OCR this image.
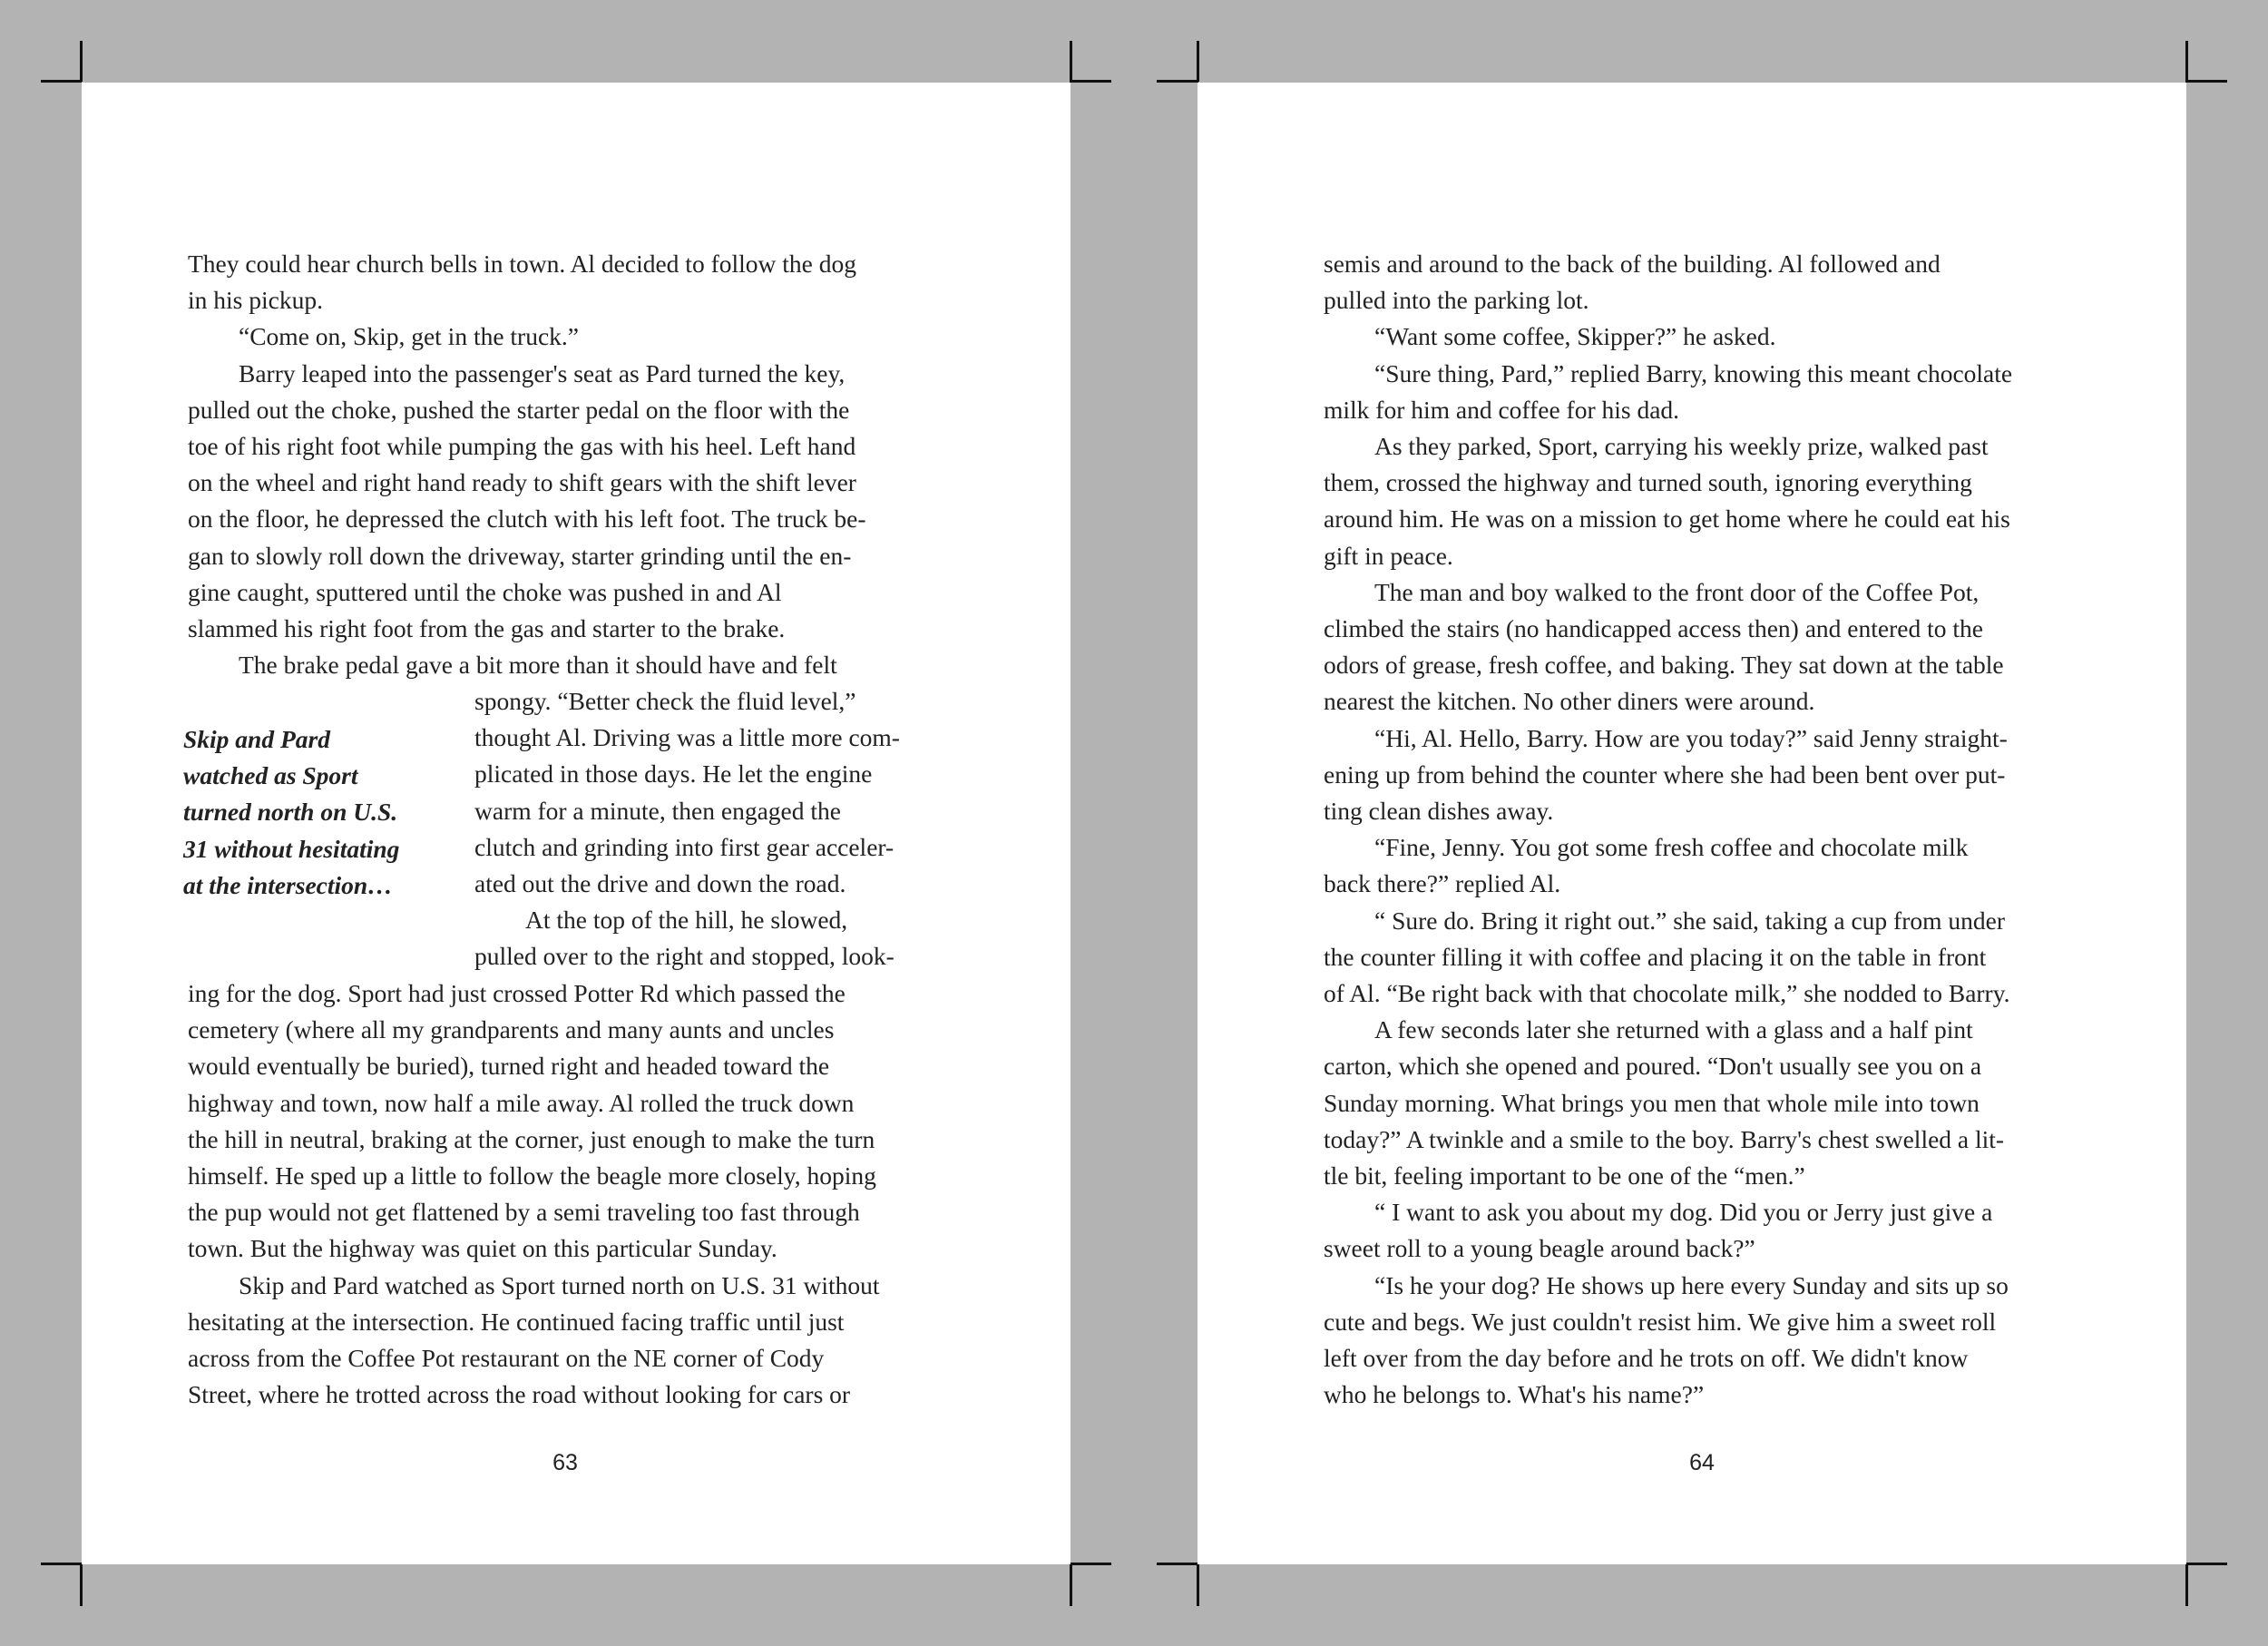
They could hear church bells in town. Al decided to follow the dog
in his pickup.
“Come on, Skip, get in the truck.”
Barry leaped into the passenger's seat as Pard turned the key,
pulled out the choke, pushed the starter pedal on the floor with the
toe of his right foot while pumping the gas with his heel. Left hand
on the wheel and right hand ready to shift gears with the shift lever
on the floor, he depressed the clutch with his left foot. The truck be-
gan to slowly roll down the driveway, starter grinding until the en-
gine caught, sputtered until the choke was pushed in and Al
slammed his right foot from the gas and starter to the brake.
The brake pedal gave a bit more than it should have and felt
spongy. “Better check the fluid level,”
thought Al. Driving was a little more com-
plicated in those days. He let the engine
warm for a minute, then engaged the
clutch and grinding into first gear acceler-
ated out the drive and down the road.
At the top of the hill, he slowed,
pulled over to the right and stopped, look-
Skip and Pard
watched as Sport
turned north on U.S.
31 without hesitating
at the intersection…
ing for the dog. Sport had just crossed Potter Rd which passed the
cemetery (where all my grandparents and many aunts and uncles
would eventually be buried), turned right and headed toward the
highway and town, now half a mile away. Al rolled the truck down
the hill in neutral, braking at the corner, just enough to make the turn
himself. He sped up a little to follow the beagle more closely, hoping
the pup would not get flattened by a semi traveling too fast through
town. But the highway was quiet on this particular Sunday.
Skip and Pard watched as Sport turned north on U.S. 31 without
hesitating at the intersection. He continued facing traffic until just
across from the Coffee Pot restaurant on the NE corner of Cody
Street, where he trotted across the road without looking for cars or
63
semis and around to the back of the building. Al followed and
pulled into the parking lot.
“Want some coffee, Skipper?” he asked.
“Sure thing, Pard,” replied Barry, knowing this meant chocolate
milk for him and coffee for his dad.
As they parked, Sport, carrying his weekly prize, walked past
them, crossed the highway and turned south, ignoring everything
around him. He was on a mission to get home where he could eat his
gift in peace.
The man and boy walked to the front door of the Coffee Pot,
climbed the stairs (no handicapped access then) and entered to the
odors of grease, fresh coffee, and baking. They sat down at the table
nearest the kitchen. No other diners were around.
“Hi, Al. Hello, Barry. How are you today?” said Jenny straight-
ening up from behind the counter where she had been bent over put-
ting clean dishes away.
“Fine, Jenny. You got some fresh coffee and chocolate milk
back there?” replied Al.
“ Sure do. Bring it right out.” she said, taking a cup from under
the counter filling it with coffee and placing it on the table in front
of Al. “Be right back with that chocolate milk,” she nodded to Barry.
A few seconds later she returned with a glass and a half pint
carton, which she opened and poured. “Don't usually see you on a
Sunday morning. What brings you men that whole mile into town
today?” A twinkle and a smile to the boy. Barry's chest swelled a lit-
tle bit, feeling important to be one of the “men.”
“ I want to ask you about my dog. Did you or Jerry just give a
sweet roll to a young beagle around back?”
“Is he your dog? He shows up here every Sunday and sits up so
cute and begs. We just couldn't resist him. We give him a sweet roll
left over from the day before and he trots on off. We didn't know
who he belongs to. What's his name?”
64
